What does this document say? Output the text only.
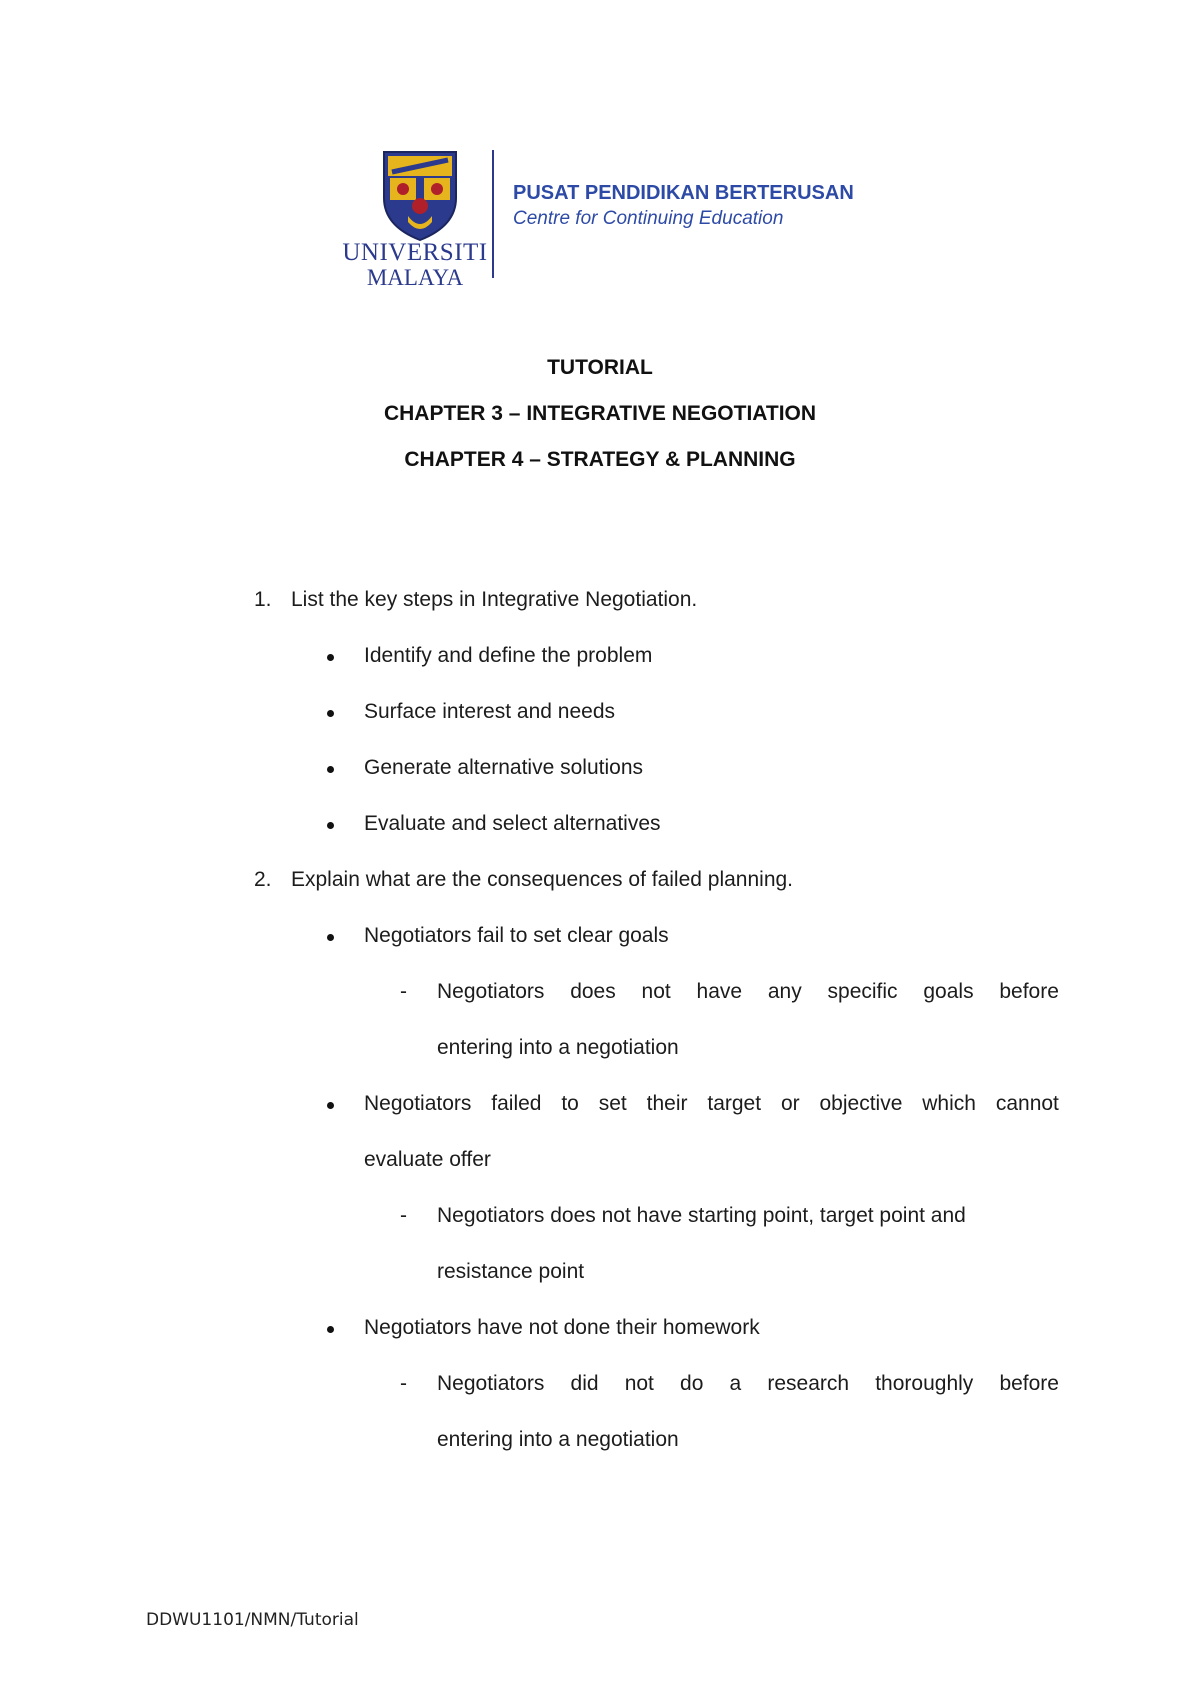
UNIVERSITI
MALAYA
PUSAT PENDIDIKAN BERTERUSAN
Centre for Continuing Education
TUTORIAL
CHAPTER 3 – INTEGRATIVE NEGOTIATION
CHAPTER 4 – STRATEGY & PLANNING
1. List the key steps in Integrative Negotiation.
Identify and define the problem
Surface interest and needs
Generate alternative solutions
Evaluate and select alternatives
2. Explain what are the consequences of failed planning.
Negotiators fail to set clear goals
- Negotiators does not have any specific goals before
entering into a negotiation
Negotiators failed to set their target or objective which cannot
evaluate offer
- Negotiators does not have starting point, target point and
resistance point
Negotiators have not done their homework
- Negotiators did not do a research thoroughly before
entering into a negotiation
DDWU1101/NMN/Tutorial
